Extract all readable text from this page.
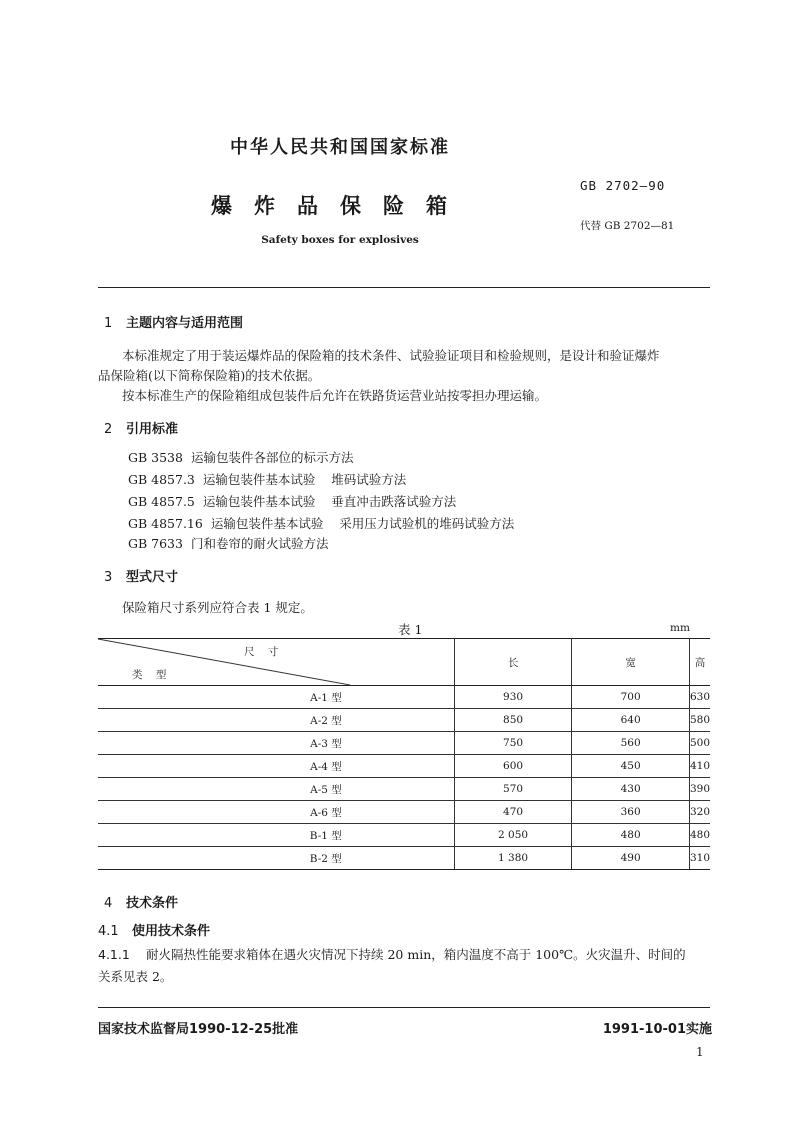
中华人民共和国国家标准
爆炸品保险箱
Safety boxes for explosives
GB 2702—90
代替 GB 2702—81
1 主题内容与适用范围
本标准规定了用于装运爆炸品的保险箱的技术条件、试验验证项目和检验规则，是设计和验证爆炸
品保险箱(以下简称保险箱)的技术依据。
按本标准生产的保险箱组成包装件后允许在铁路货运营业站按零担办理运输。
2 引用标准
GB 3538 运输包装件各部位的标示方法
GB 4857.3 运输包装件基本试验    堆码试验方法
GB 4857.5 运输包装件基本试验    垂直冲击跌落试验方法
GB 4857.16 运输包装件基本试验    采用压力试验机的堆码试验方法
GB 7633 门和卷帘的耐火试验方法
3 型式尺寸
保险箱尺寸系列应符合表 1 规定。
表 1	mm
尺    寸
类    型	长	宽	高
A-1 型	930	700	630
A-2 型	850	640	580
A-3 型	750	560	500
A-4 型	600	450	410
A-5 型	570	430	390
A-6 型	470	360	320
B-1 型	2 050	480	480
B-2 型	1 380	490	310
4 技术条件
4.1 使用技术条件
4.1.1 耐火隔热性能要求箱体在遇火灾情况下持续 20 min，箱内温度不高于 100℃。火灾温升、时间的
关系见表 2。
国家技术监督局1990-12-25批准	1991-10-01实施
1
